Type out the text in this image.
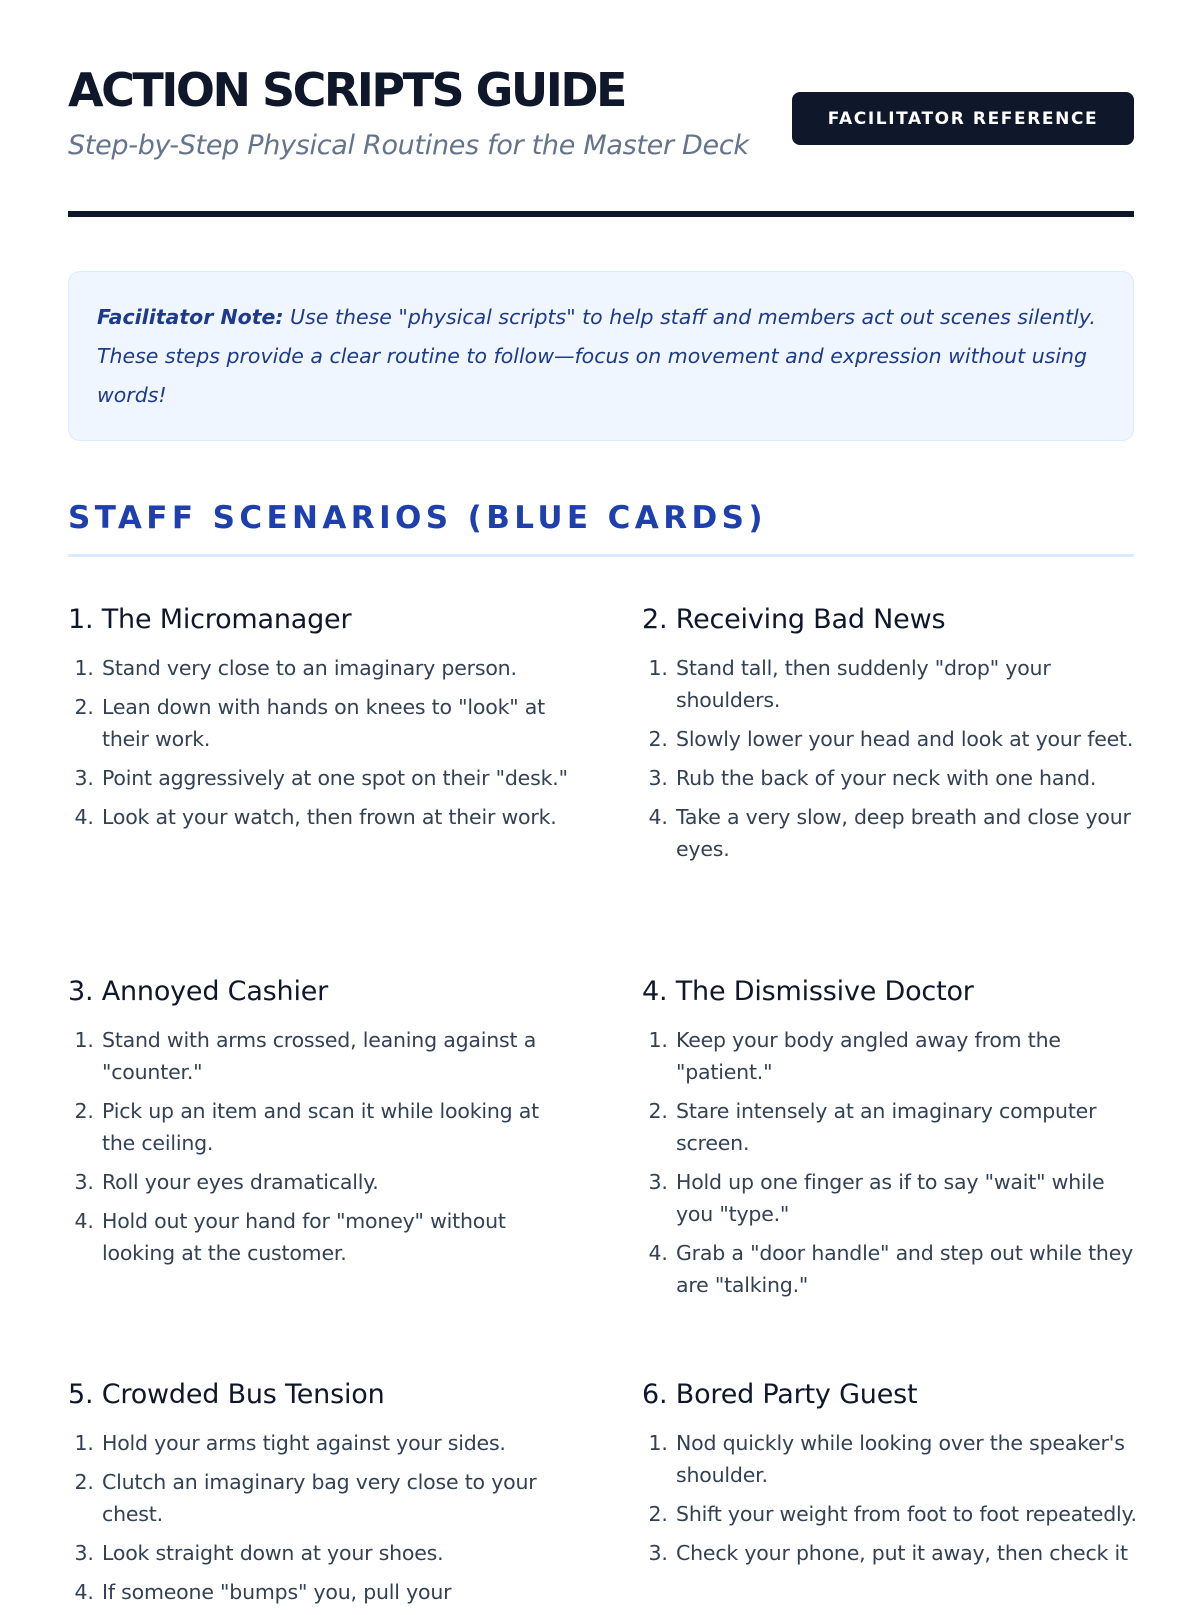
ACTION SCRIPTS GUIDE
Step-by-Step Physical Routines for the Master Deck
FACILITATOR REFERENCE
Facilitator Note: Use these "physical scripts" to help staff and members act out scenes silently. These steps provide a clear routine to follow—focus on movement and expression without using words!
STAFF SCENARIOS (BLUE CARDS)
1. The Micromanager
1. Stand very close to an imaginary person.
2. Lean down with hands on knees to "look" at their work.
3. Point aggressively at one spot on their "desk."
4. Look at your watch, then frown at their work.
2. Receiving Bad News
1. Stand tall, then suddenly "drop" your shoulders.
2. Slowly lower your head and look at your feet.
3. Rub the back of your neck with one hand.
4. Take a very slow, deep breath and close your eyes.
3. Annoyed Cashier
1. Stand with arms crossed, leaning against a "counter."
2. Pick up an item and scan it while looking at the ceiling.
3. Roll your eyes dramatically.
4. Hold out your hand for "money" without looking at the customer.
4. The Dismissive Doctor
1. Keep your body angled away from the "patient."
2. Stare intensely at an imaginary computer screen.
3. Hold up one finger as if to say "wait" while you "type."
4. Grab a "door handle" and step out while they are "talking."
5. Crowded Bus Tension
1. Hold your arms tight against your sides.
2. Clutch an imaginary bag very close to your chest.
3. Look straight down at your shoes.
4. If someone "bumps" you, pull your
6. Bored Party Guest
1. Nod quickly while looking over the speaker's shoulder.
2. Shift your weight from foot to foot repeatedly.
3. Check your phone, put it away, then check it
